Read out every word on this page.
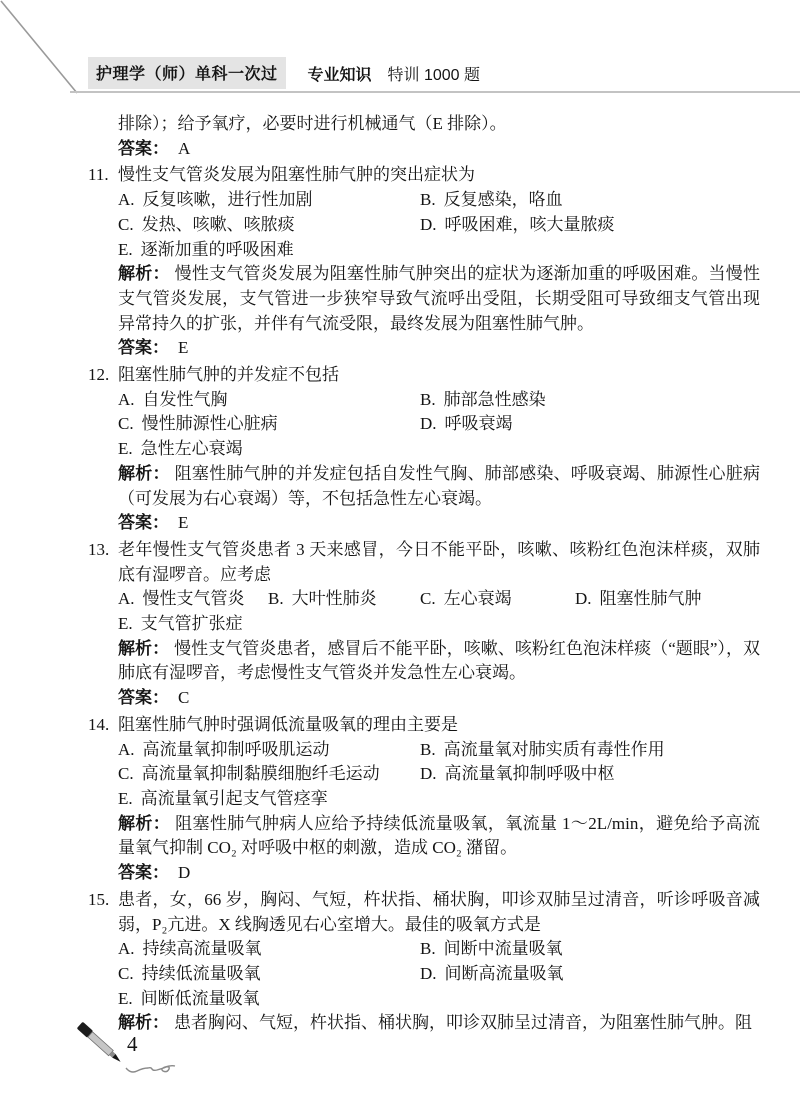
护理学（师）单科一次过	专业知识 特训 1000 题
排除）；给予氧疗，必要时进行机械通气（E 排除）。
答案： A
11. 慢性支气管炎发展为阻塞性肺气肿的突出症状为
A. 反复咳嗽，进行性加剧	B. 反复感染，咯血
C. 发热、咳嗽、咳脓痰	D. 呼吸困难，咳大量脓痰
E. 逐渐加重的呼吸困难

解析： 慢性支气管炎发展为阻塞性肺气肿突出的症状为逐渐加重的呼吸困难。当慢性支气管炎发展，支气管进一步狭窄导致气流呼出受阻，长期受阻可导致细支气管出现异常持久的扩张，并伴有气流受限，最终发展为阻塞性肺气肿。

答案： E
12. 阻塞性肺气肿的并发症不包括
A. 自发性气胸	B. 肺部急性感染
C. 慢性肺源性心脏病	D. 呼吸衰竭
E. 急性左心衰竭

解析： 阻塞性肺气肿的并发症包括自发性气胸、肺部感染、呼吸衰竭、肺源性心脏病（可发展为右心衰竭）等，不包括急性左心衰竭。

答案： E
13. 老年慢性支气管炎患者 3 天来感冒，今日不能平卧，咳嗽、咳粉红色泡沫样痰，双肺底有湿啰音。应考虑
A. 慢性支气管炎	B. 大叶性肺炎	C. 左心衰竭	D. 阻塞性肺气肿
E. 支气管扩张症

解析： 慢性支气管炎患者，感冒后不能平卧，咳嗽、咳粉红色泡沫样痰（“题眼”），双肺底有湿啰音，考虑慢性支气管炎并发急性左心衰竭。

答案： C
14. 阻塞性肺气肿时强调低流量吸氧的理由主要是
A. 高流量氧抑制呼吸肌运动	B. 高流量氧对肺实质有毒性作用
C. 高流量氧抑制黏膜细胞纤毛运动	D. 高流量氧抑制呼吸中枢
E. 高流量氧引起支气管痉挛

解析： 阻塞性肺气肿病人应给予持续低流量吸氧，氧流量 1～2L/min，避免给予高流量氧气抑制 CO₂ 对呼吸中枢的刺激，造成 CO₂ 潴留。

答案： D
15. 患者，女，66 岁，胸闷、气短，杵状指、桶状胸，叩诊双肺呈过清音，听诊呼吸音减弱，P₂亢进。X 线胸透见右心室增大。最佳的吸氧方式是
A. 持续高流量吸氧	B. 间断中流量吸氧
C. 持续低流量吸氧	D. 间断高流量吸氧
E. 间断低流量吸氧

解析： 患者胸闷、气短，杵状指、桶状胸，叩诊双肺呈过清音，为阻塞性肺气肿。阻

4
